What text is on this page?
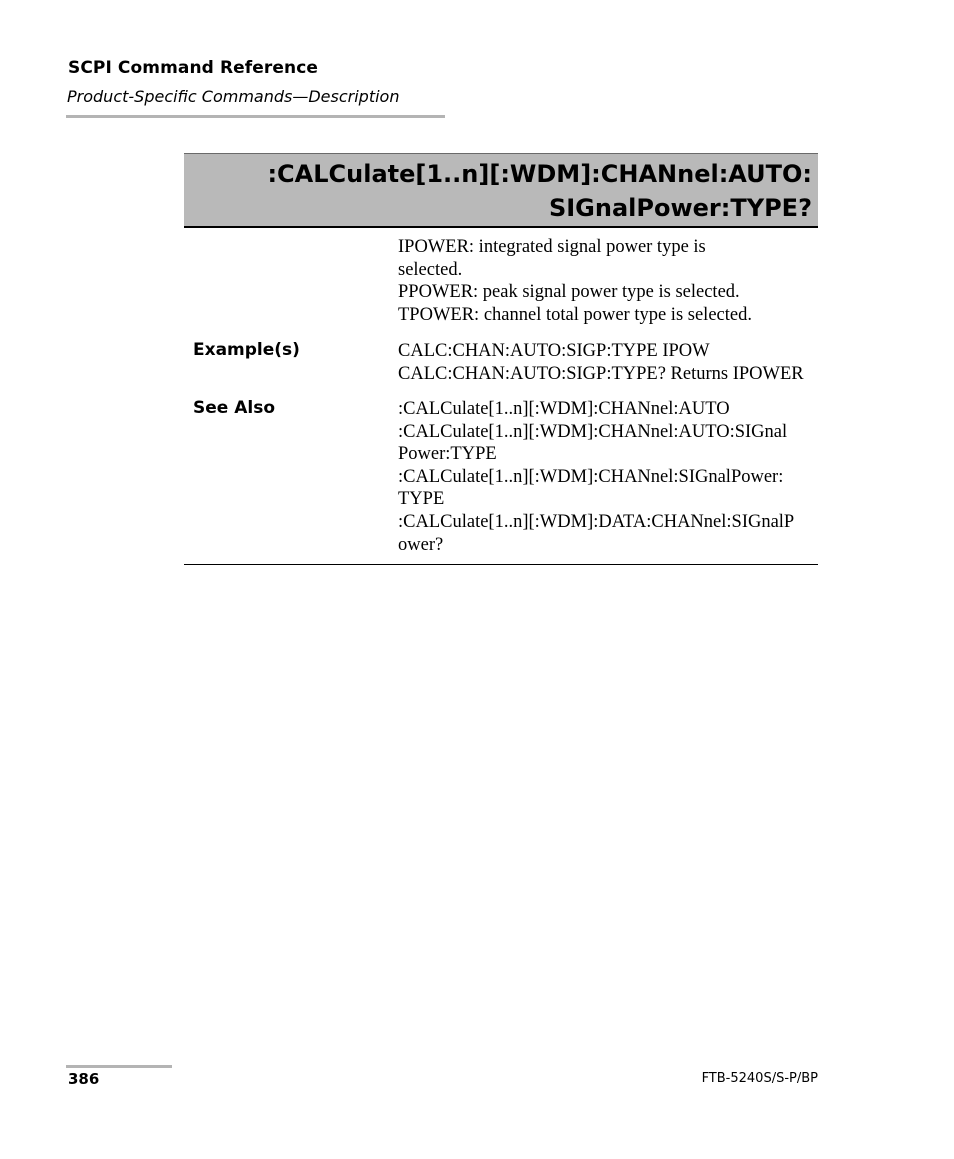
SCPI Command Reference
Product-Specific Commands—Description
:CALCulate[1..n][:WDM]:CHANnel:AUTO:
SIGnalPower:TYPE?
IPOWER: integrated signal power type is
selected.
PPOWER: peak signal power type is selected.
TPOWER: channel total power type is selected.
Example(s)	CALC:CHAN:AUTO:SIGP:TYPE IPOW
CALC:CHAN:AUTO:SIGP:TYPE? Returns IPOWER
See Also	:CALCulate[1..n][:WDM]:CHANnel:AUTO
:CALCulate[1..n][:WDM]:CHANnel:AUTO:SIGnal
Power:TYPE
:CALCulate[1..n][:WDM]:CHANnel:SIGnalPower:
TYPE
:CALCulate[1..n][:WDM]:DATA:CHANnel:SIGnalP
ower?
386	FTB-5240S/S-P/BP
